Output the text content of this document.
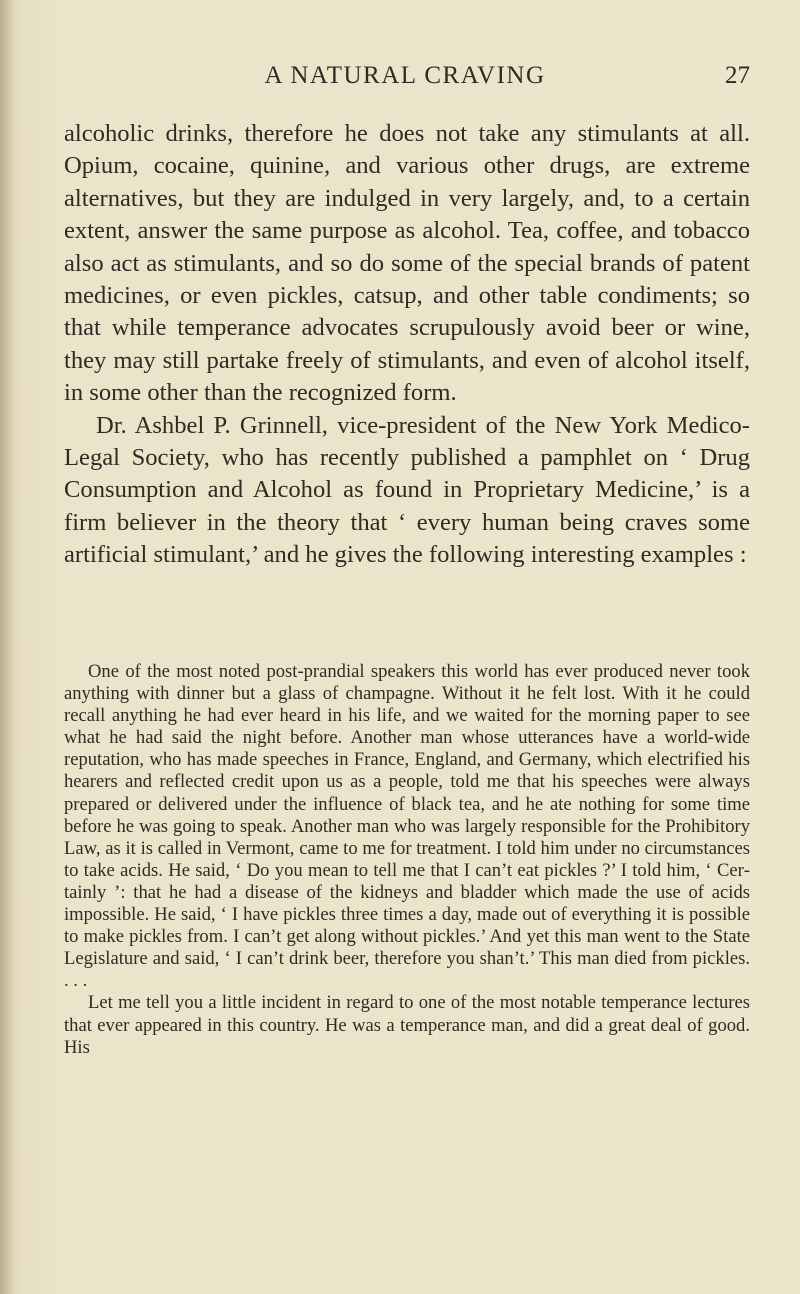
A NATURAL CRAVING	27

alcoholic drinks, therefore he does not take any stimulants at all. Opium, cocaine, quinine, and various other drugs, are extreme alternatives, but they are indulged in very largely, and, to a certain extent, answer the same purpose as alcohol. Tea, coffee, and tobacco also act as stimulants, and so do some of the special brands of patent medicines, or even pickles, catsup, and other table condiments; so that while temperance advocates scrupulously avoid beer or wine, they may still partake freely of stimulants, and even of alcohol itself, in some other than the recognized form.

Dr. Ashbel P. Grinnell, vice-president of the New York Medico-Legal Society, who has recently published a pamphlet on ‘ Drug Consumption and Alcohol as found in Proprietary Medicine,’ is a firm believer in the theory that ‘ every human being craves some artificial stimulant,’ and he gives the following interesting examples :

One of the most noted post-prandial speakers this world has ever produced never took anything with dinner but a glass of champagne. Without it he felt lost. With it he could recall anything he had ever heard in his life, and we waited for the morning paper to see what he had said the night before. Another man whose utterances have a world-wide reputation, who has made speeches in France, England, and Germany, which electrified his hearers and reflected credit upon us as a people, told me that his speeches were always prepared or delivered under the influence of black tea, and he ate nothing for some time before he was going to speak. Another man who was largely responsible for the Prohibitory Law, as it is called in Vermont, came to me for treatment. I told him under no circumstances to take acids. He said, ‘ Do you mean to tell me that I can’t eat pickles ?’ I told him, ‘ Certainly ’: that he had a disease of the kidneys and bladder which made the use of acids impossible. He said, ‘ I have pickles three times a day, made out of everything it is possible to make pickles from. I can’t get along without pickles.’ And yet this man went to the State Legislature and said, ‘ I can’t drink beer, therefore you shan’t.’ This man died from pickles. . . .

Let me tell you a little incident in regard to one of the most notable temperance lectures that ever appeared in this country. He was a temperance man, and did a great deal of good. His
